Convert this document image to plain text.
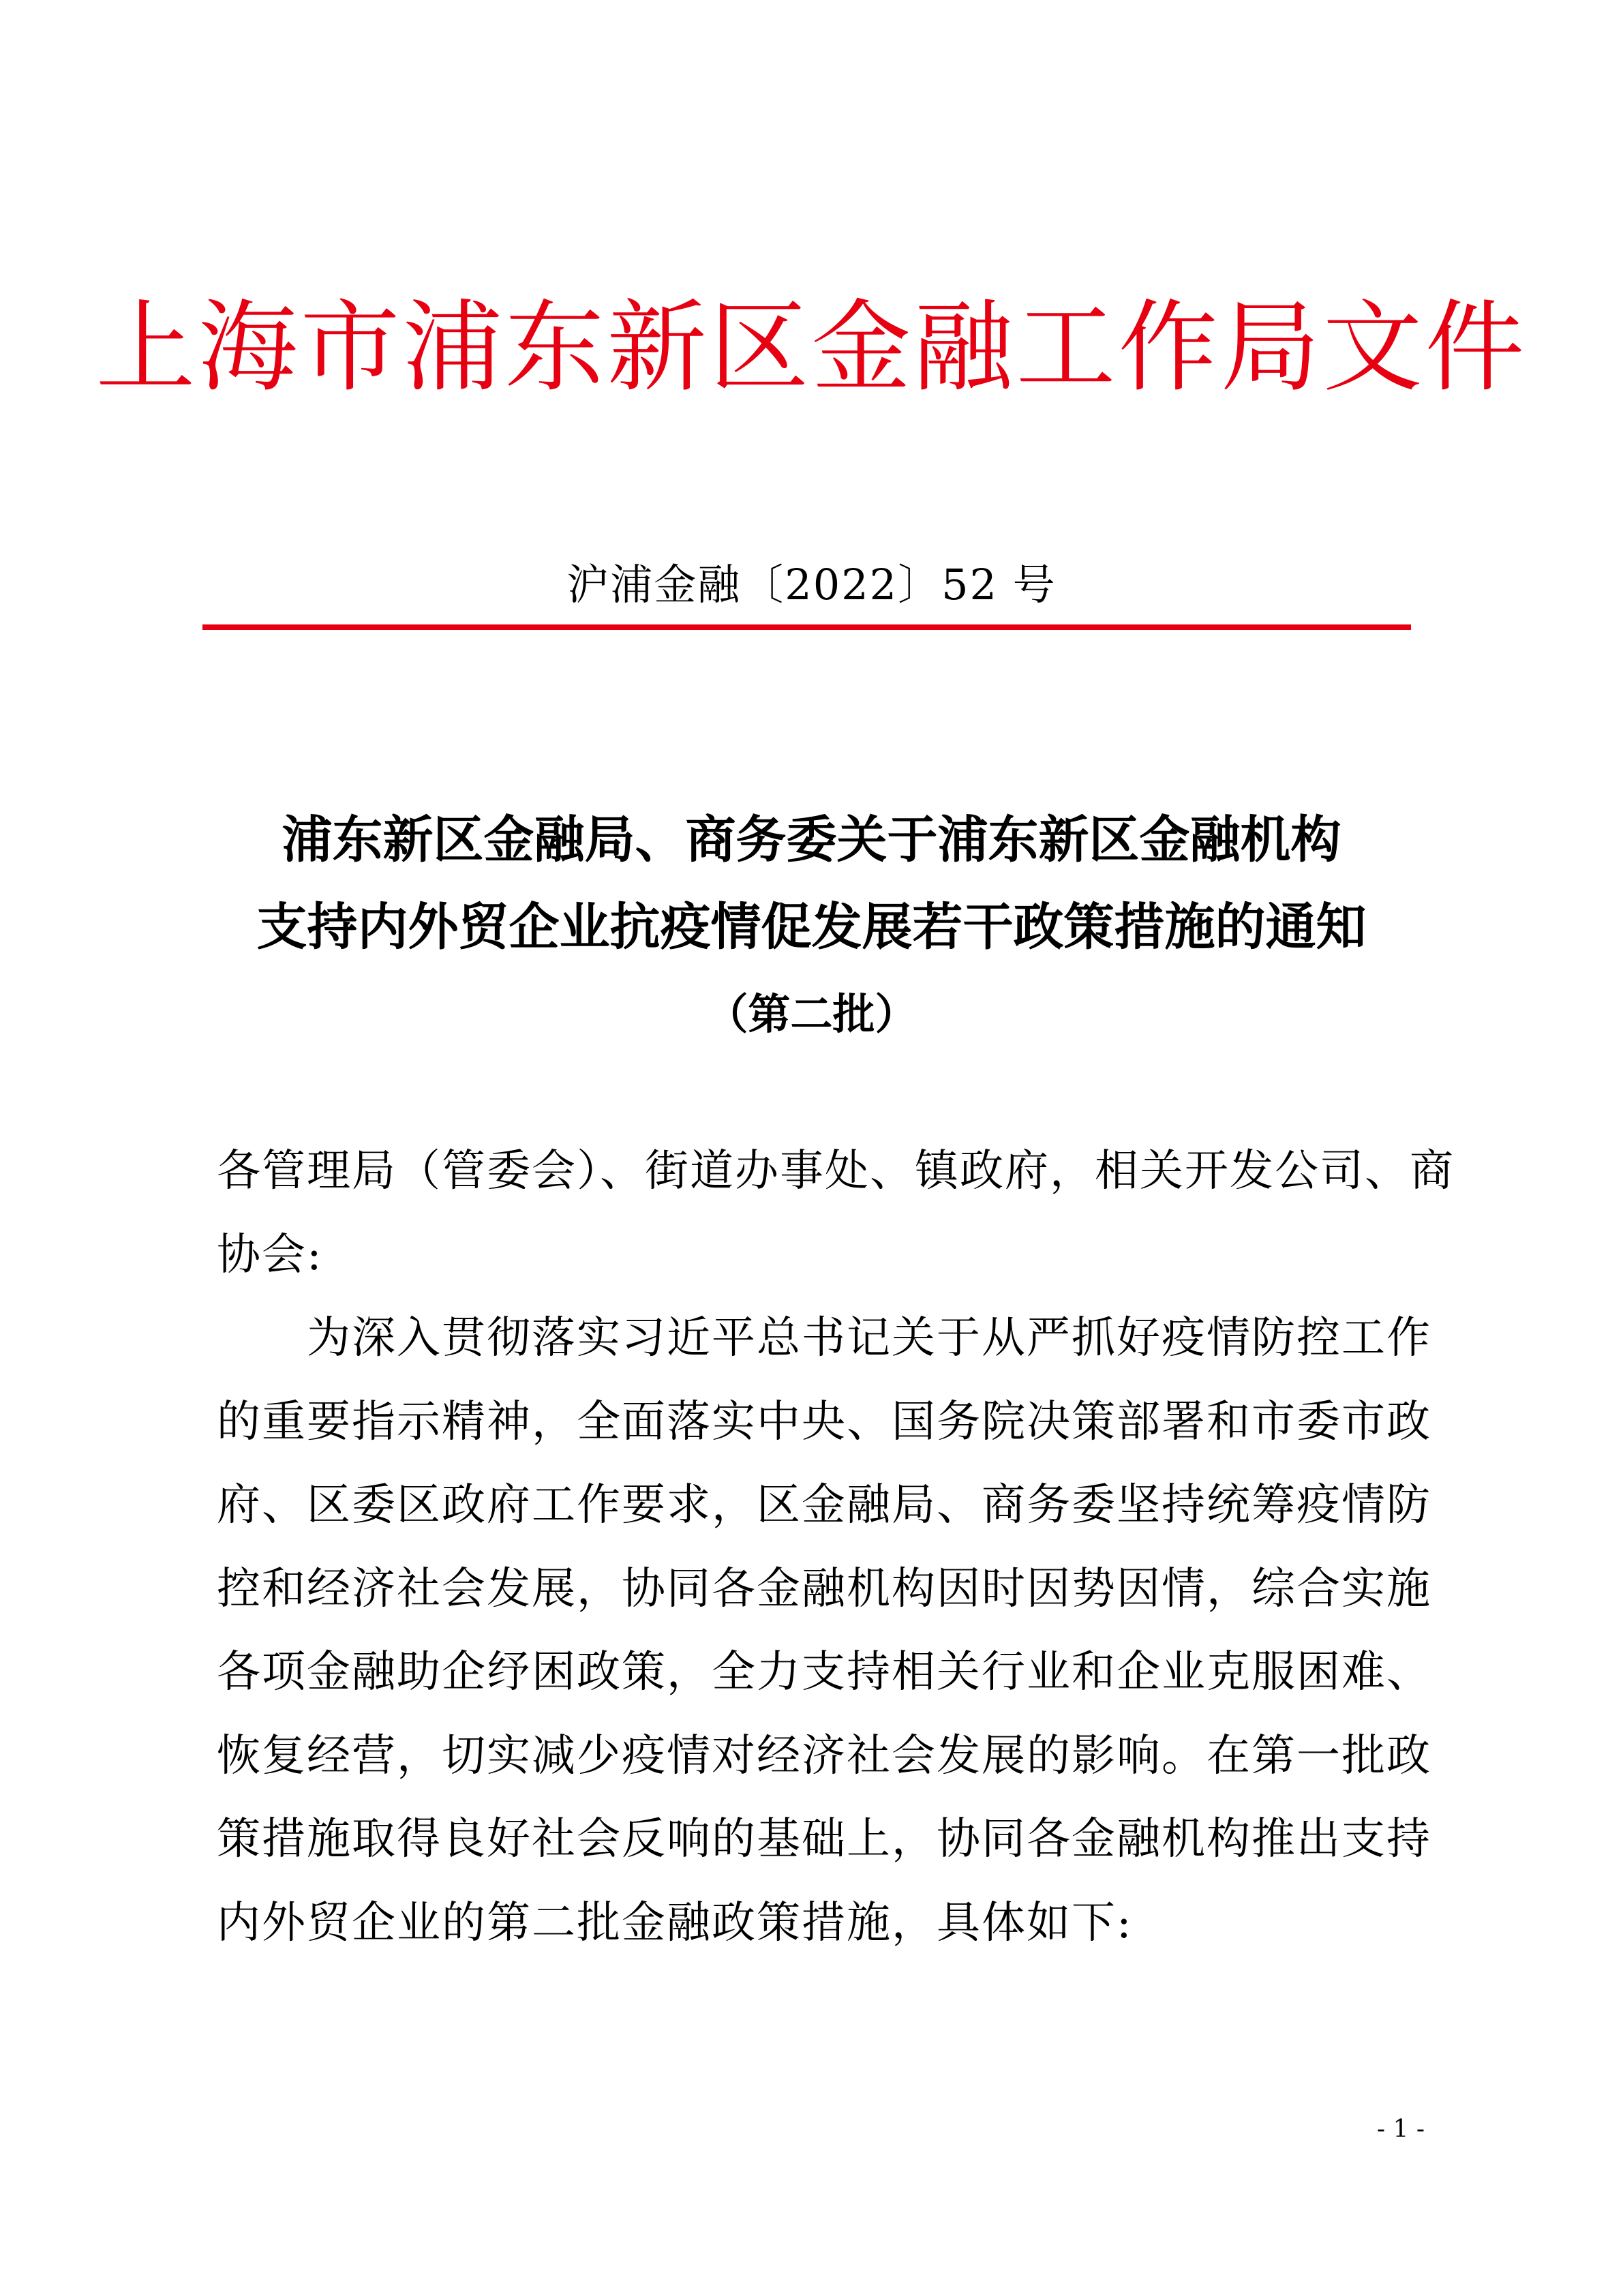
上海市浦东新区金融工作局文件
沪浦金融〔2022〕52 号
浦东新区金融局、商务委关于浦东新区金融机构
支持内外贸企业抗疫情促发展若干政策措施的通知
（第二批）
各管理局（管委会）、街道办事处、镇政府，相关开发公司、商
协会:
　　为深入贯彻落实习近平总书记关于从严抓好疫情防控工作
的重要指示精神，全面落实中央、国务院决策部署和市委市政
府、区委区政府工作要求，区金融局、商务委坚持统筹疫情防
控和经济社会发展，协同各金融机构因时因势因情，综合实施
各项金融助企纾困政策，全力支持相关行业和企业克服困难、
恢复经营，切实减少疫情对经济社会发展的影响。在第一批政
策措施取得良好社会反响的基础上，协同各金融机构推出支持
内外贸企业的第二批金融政策措施，具体如下:
- 1 -
